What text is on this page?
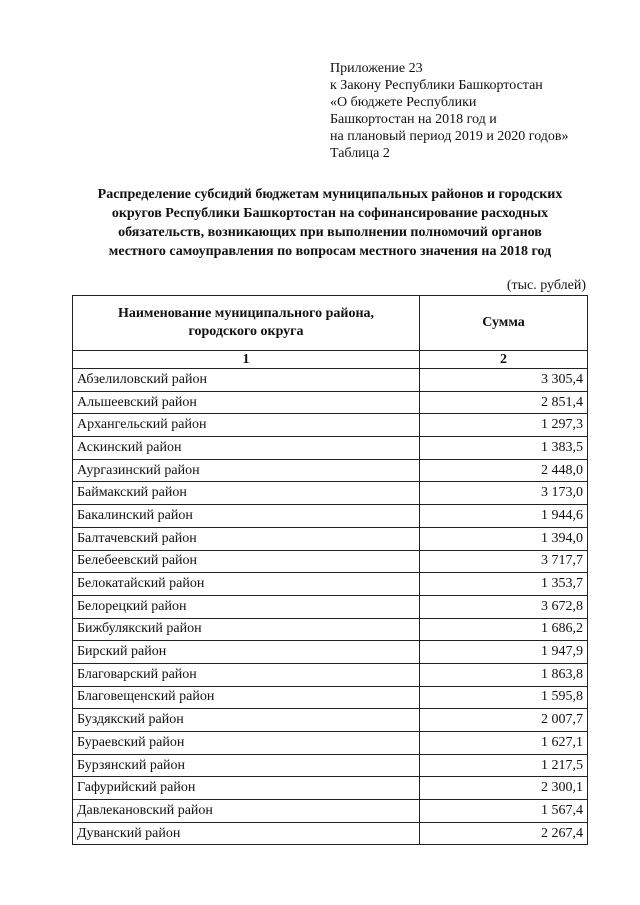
Приложение 23
к Закону Республики Башкортостан
«О бюджете Республики
Башкортостан на 2018 год и
на плановый период 2019 и 2020 годов»
Таблица 2
Распределение субсидий бюджетам муниципальных районов и городских
округов Республики Башкортостан на софинансирование расходных
обязательств, возникающих при выполнении полномочий органов
местного самоуправления по вопросам местного значения на 2018 год
(тыс. рублей)
Наименование муниципального района,
городского округа	Сумма
1	2
Абзелиловский район	3 305,4
Альшеевский район	2 851,4
Архангельский район	1 297,3
Аскинский район	1 383,5
Аургазинский район	2 448,0
Баймакский район	3 173,0
Бакалинский район	1 944,6
Балтачевский район	1 394,0
Белебеевский район	3 717,7
Белокатайский район	1 353,7
Белорецкий район	3 672,8
Бижбулякский район	1 686,2
Бирский район	1 947,9
Благоварский район	1 863,8
Благовещенский район	1 595,8
Буздякский район	2 007,7
Бураевский район	1 627,1
Бурзянский район	1 217,5
Гафурийский район	2 300,1
Давлекановский район	1 567,4
Дуванский район	2 267,4
